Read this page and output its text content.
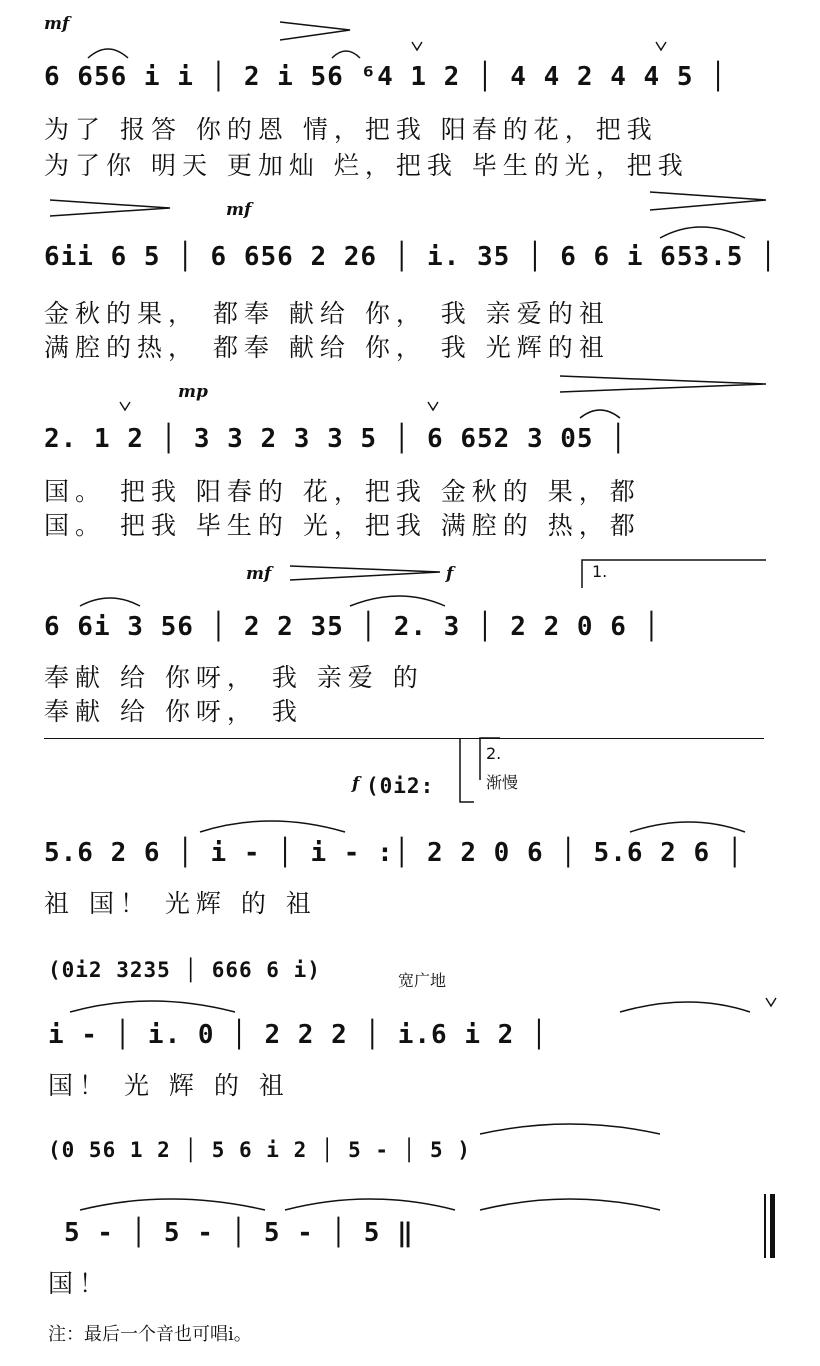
mf
6 656 i i │ 2 i 56 ⁶4 1 2 │ 4 4 2 4 4 5 │
为了 报答 你的恩 情，把我 阳春的花，把我
为了你 明天 更加灿 烂，把我 毕生的光，把我
mf
6ii 6 5 │ 6 656 2 26 │ i. 35 │ 6 6 i 653.5 │
金秋的果， 都奉 献给 你， 我 亲爱的祖
满腔的热， 都奉 献给 你， 我 光辉的祖
mp
2. 1 2 │ 3 3 2 3 3 5 │ 6 652 3 05 │
国。 把我 阳春的 花，把我 金秋的 果，都
国。 把我 毕生的 光，把我 满腔的 热，都
mf	f	1.
6 6i 3 56 │ 2 2 35 │ 2. 3 │ 2 2 0 6 │
奉献 给 你呀， 我 亲爱 的
奉献 给 你呀， 我
f (0i2:
2.
渐慢
5.6 2 6 │ i - │ i - :│ 2 2 0 6 │ 5.6 2 6 │
祖 国！ 光辉 的 祖
(0i2 3235 │ 666 6 i)	宽广地
i - │ i. 0 │ 2 2 2 │ i.6 i 2 │
国！ 光 辉 的 祖
(0 56 1 2 │ 5 6 i 2 │ 5 - │ 5 )
5 - │ 5 - │ 5 - │ 5 ‖
国！
注：最后一个音也可唱i。
